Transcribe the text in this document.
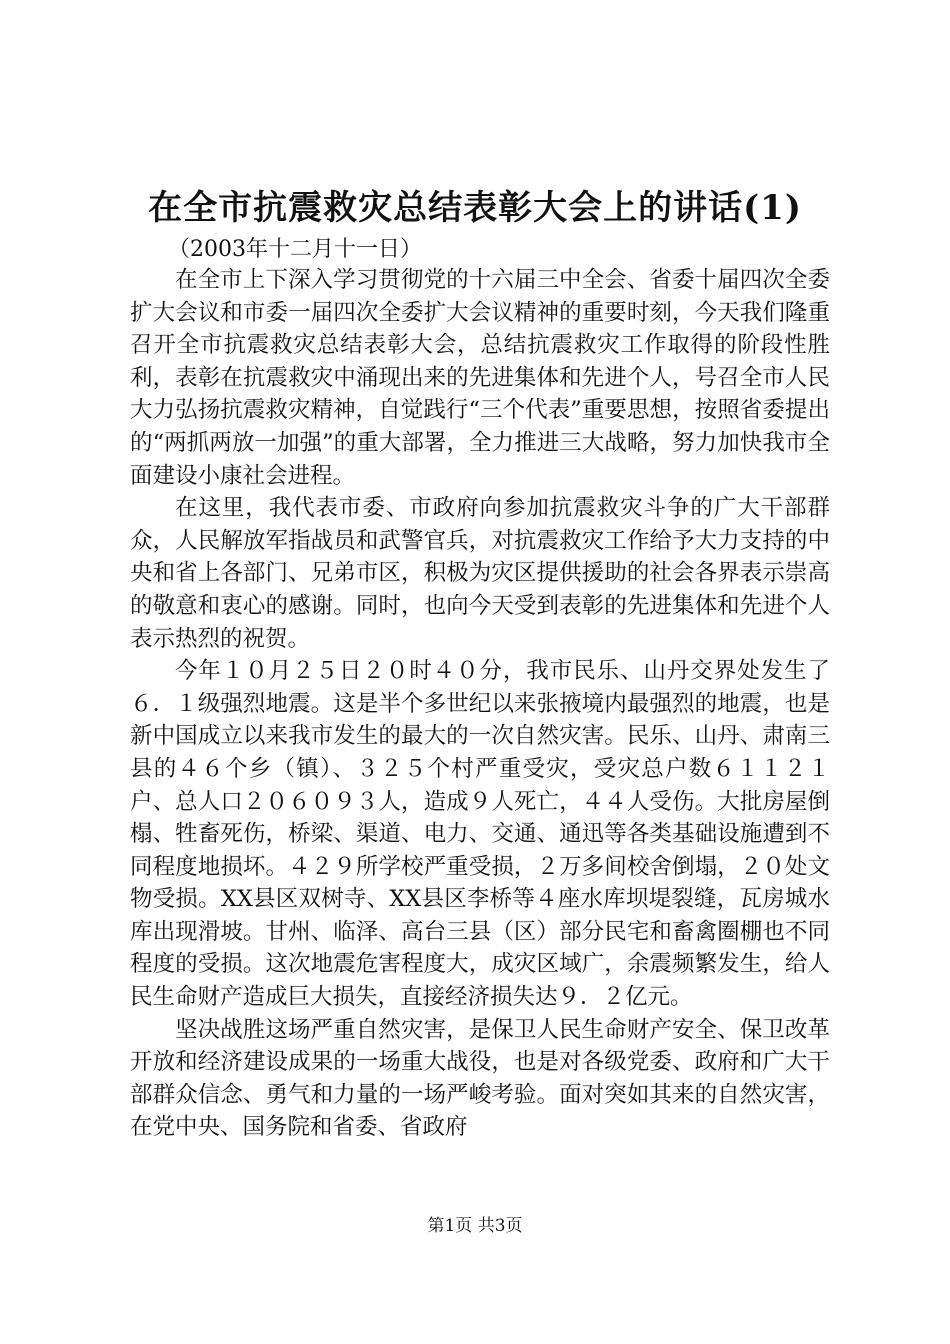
在全市抗震救灾总结表彰大会上的讲话(1)
（2003年十二月十一日）

在全市上下深入学习贯彻党的十六届三中全会、省委十届四次全委扩大会议和市委一届四次全委扩大会议精神的重要时刻，今天我们隆重召开全市抗震救灾总结表彰大会，总结抗震救灾工作取得的阶段性胜利，表彰在抗震救灾中涌现出来的先进集体和先进个人，号召全市人民大力弘扬抗震救灾精神，自觉践行“三个代表”重要思想，按照省委提出的“两抓两放一加强”的重大部署，全力推进三大战略，努力加快我市全面建设小康社会进程。

在这里，我代表市委、市政府向参加抗震救灾斗争的广大干部群众，人民解放军指战员和武警官兵，对抗震救灾工作给予大力支持的中央和省上各部门、兄弟市区，积极为灾区提供援助的社会各界表示崇高的敬意和衷心的感谢。同时，也向今天受到表彰的先进集体和先进个人表示热烈的祝贺。

今年１０月２５日２０时４０分，我市民乐、山丹交界处发生了６．１级强烈地震。这是半个多世纪以来张掖境内最强烈的地震，也是新中国成立以来我市发生的最大的一次自然灾害。民乐、山丹、肃南三县的４６个乡（镇）、３２５个村严重受灾，受灾总户数６１１２１户、总人口２０６０９３人，造成９人死亡，４４人受伤。大批房屋倒榻、牲畜死伤，桥梁、渠道、电力、交通、通迅等各类基础设施遭到不同程度地损坏。４２９所学校严重受损，２万多间校舍倒塌，２０处文物受损。XX县区双树寺、XX县区李桥等４座水库坝堤裂缝，瓦房城水库出现滑坡。甘州、临泽、高台三县（区）部分民宅和畜禽圈棚也不同程度的受损。这次地震危害程度大，成灾区域广，余震频繁发生，给人民生命财产造成巨大损失，直接经济损失达９．２亿元。

坚决战胜这场严重自然灾害，是保卫人民生命财产安全、保卫改革开放和经济建设成果的一场重大战役，也是对各级党委、政府和广大干部群众信念、勇气和力量的一场严峻考验。面对突如其来的自然灾害，在党中央、国务院和省委、省政府

第1页 共3页
